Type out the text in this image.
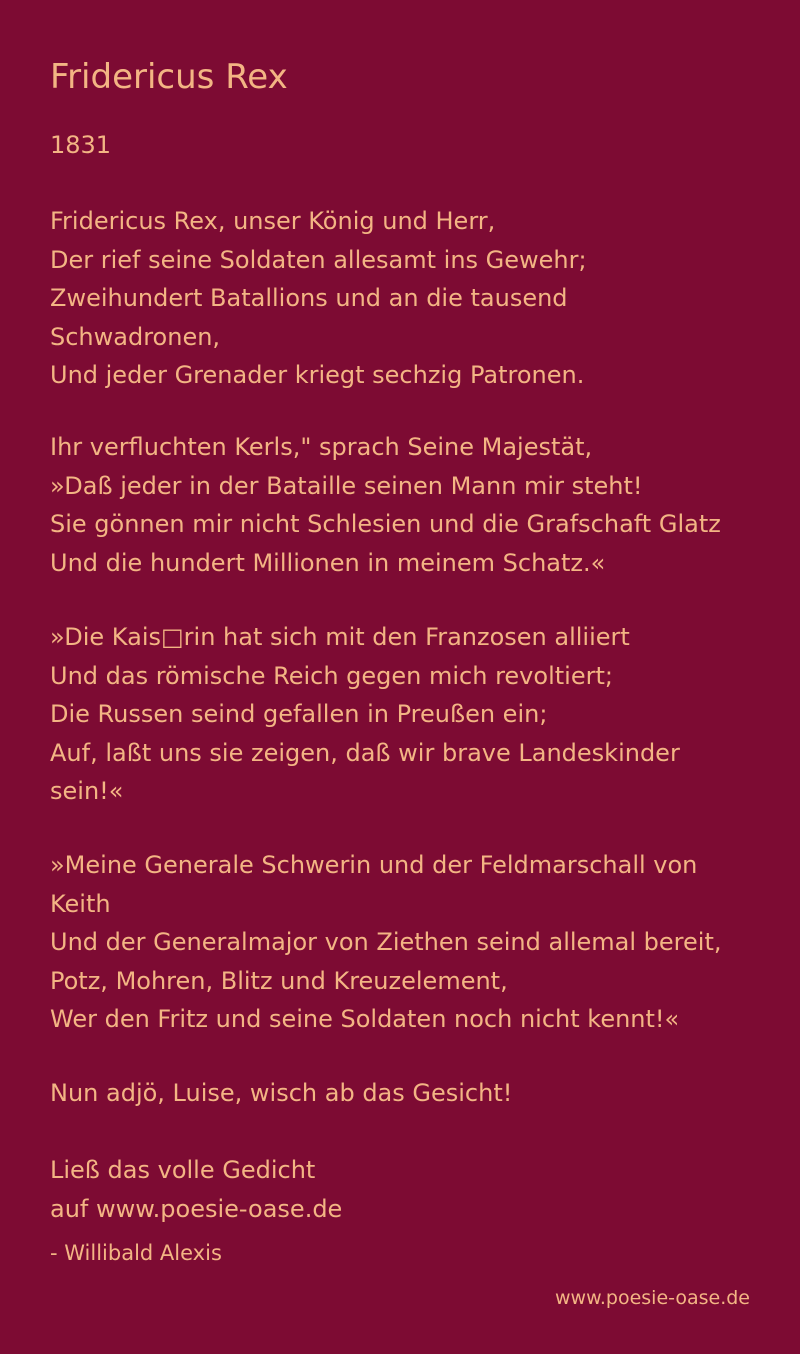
Fridericus Rex
1831
Fridericus Rex, unser König und Herr,
Der rief seine Soldaten allesamt ins Gewehr;
Zweihundert Batallions und an die tausend
Schwadronen,
Und jeder Grenader kriegt sechzig Patronen.
Ihr verfluchten Kerls," sprach Seine Majestät,
»Daß jeder in der Bataille seinen Mann mir steht!
Sie gönnen mir nicht Schlesien und die Grafschaft Glatz
Und die hundert Millionen in meinem Schatz.«
»Die Kais□rin hat sich mit den Franzosen alliiert
Und das römische Reich gegen mich revoltiert;
Die Russen seind gefallen in Preußen ein;
Auf, laßt uns sie zeigen, daß wir brave Landeskinder
sein!«
»Meine Generale Schwerin und der Feldmarschall von
Keith
Und der Generalmajor von Ziethen seind allemal bereit,
Potz, Mohren, Blitz und Kreuzelement,
Wer den Fritz und seine Soldaten noch nicht kennt!«
Nun adjö, Luise, wisch ab das Gesicht!
Ließ das volle Gedicht
auf www.poesie-oase.de
- Willibald Alexis
www.poesie-oase.de
